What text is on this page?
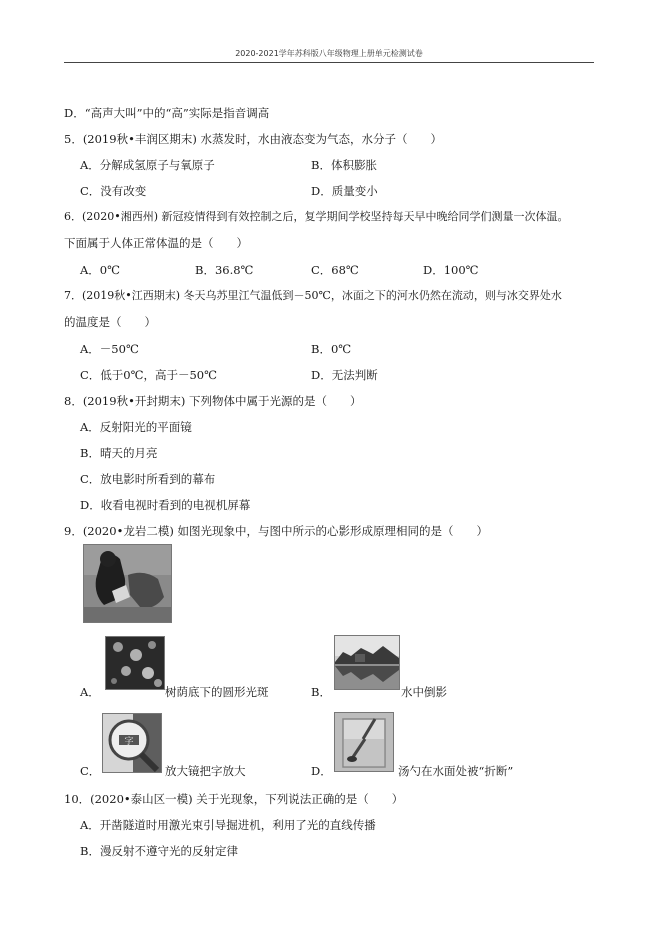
2020-2021学年苏科版八年级物理上册单元检测试卷
D．“高声大叫”中的“高”实际是指音调高
5．(2019秋•丰润区期末) 水蒸发时，水由液态变为气态，水分子（　　）
A．分解成氢原子与氧原子	B．体积膨胀
C．没有改变	D．质量变小
6．(2020•湘西州) 新冠疫情得到有效控制之后，复学期间学校坚持每天早中晚给同学们测量一次体温。
下面属于人体正常体温的是（　　）
A．0℃	B．36.8℃	C．68℃	D．100℃
7．(2019秋•江西期末) 冬天乌苏里江气温低到－50℃，冰面之下的河水仍然在流动，则与冰交界处水
的温度是（　　）
A．－50℃	B．0℃
C．低于0℃，高于－50℃	D．无法判断
8．(2019秋•开封期末) 下列物体中属于光源的是（　　）
A．反射阳光的平面镜
B．晴天的月亮
C．放电影时所看到的幕布
D．收看电视时看到的电视机屏幕
9．(2020•龙岩二模) 如图光现象中，与图中所示的心影形成原理相同的是（　　）
A．	树荫底下的圆形光斑	B．	水中倒影
C．
字
放大镜把字放大	D．	汤勺在水面处被“折断”
10．(2020•泰山区一模) 关于光现象，下列说法正确的是（　　）
A．开凿隧道时用激光束引导掘进机，利用了光的直线传播
B．漫反射不遵守光的反射定律
